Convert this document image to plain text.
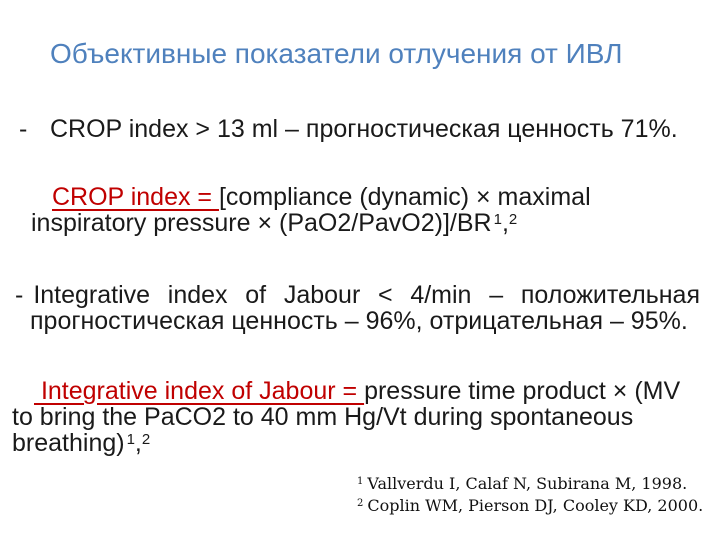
Объективные показатели отлучения от ИВЛ
- CROP index > 13 ml – прогностическая ценность 71%.
CROP index = [compliance (dynamic) × maximal
inspiratory pressure × (PaO2/PavO2)]/BR $^1$,$^2$
- Integrative index of Jabour < 4/min – положительная
прогностическая ценность – 96%, отрицательная – 95%.
Integrative index of Jabour = pressure time product × (MV
to bring the PaCO2 to 40 mm Hg/Vt during spontaneous
breathing) $^1$,$^2$
$^1$ Vallverdu I, Calaf N, Subirana M, 1998.
$^2$ Coplin WM, Pierson DJ, Cooley KD, 2000.
